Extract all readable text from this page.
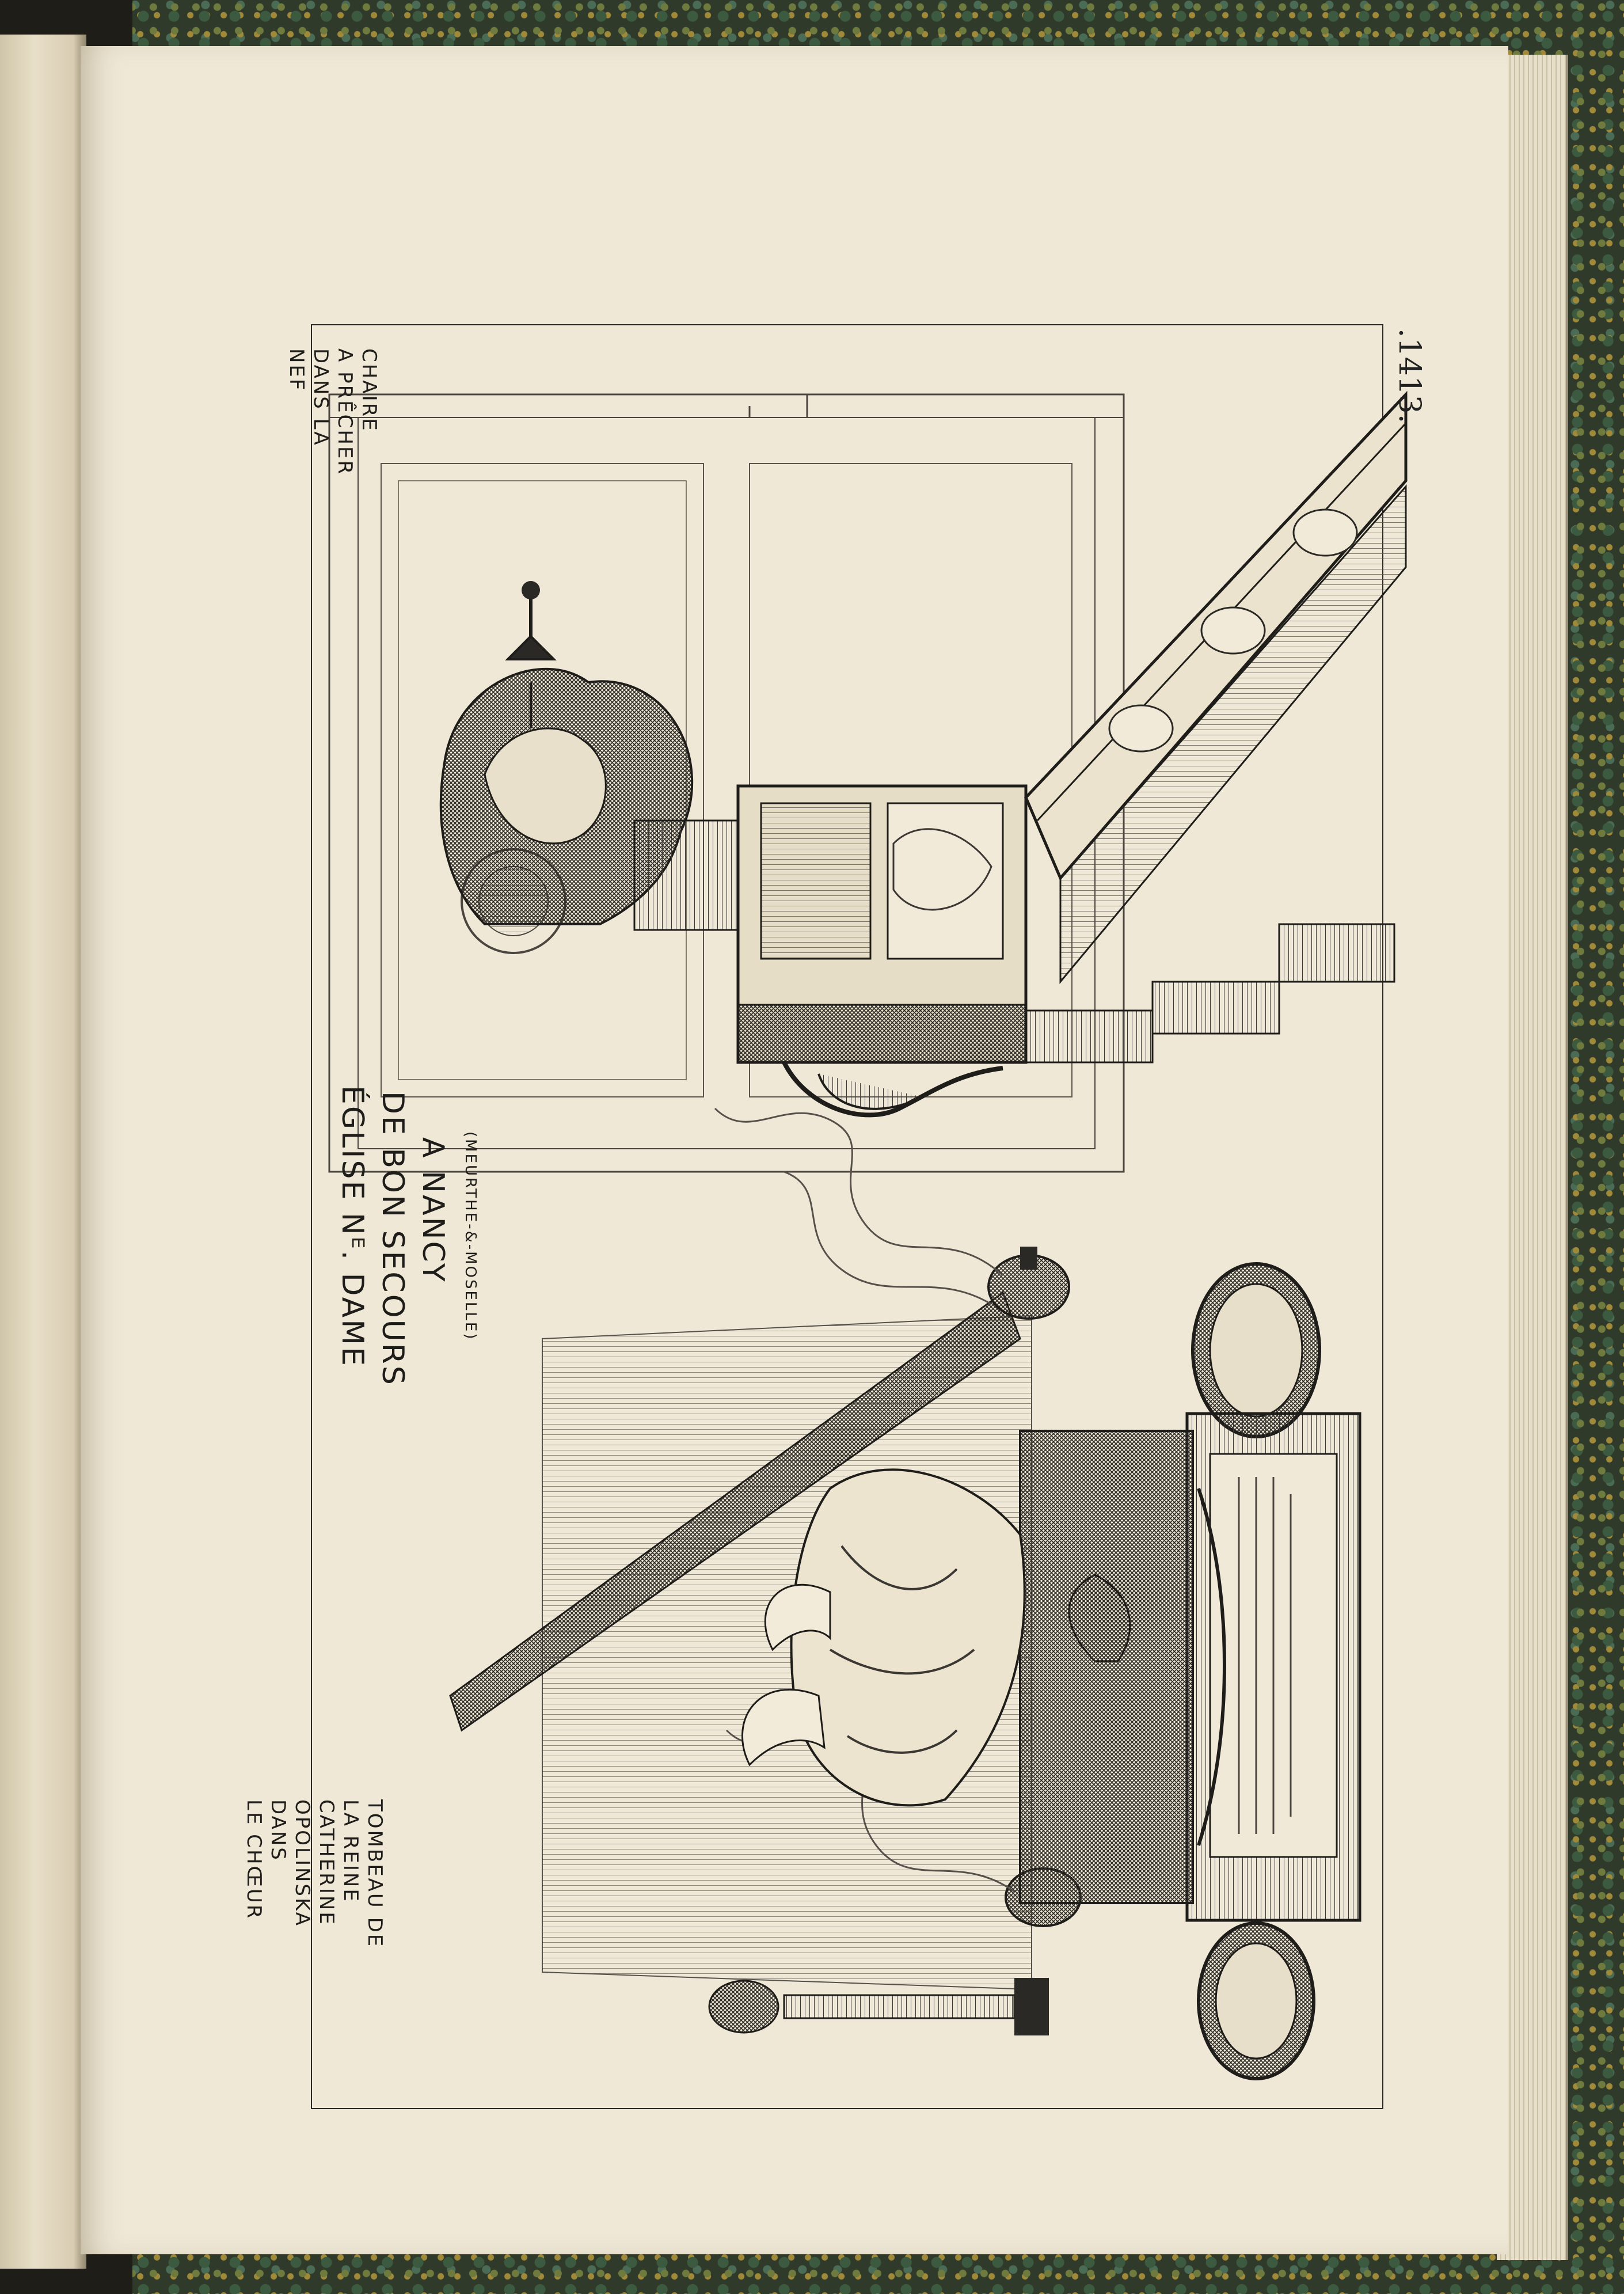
CHAIRE
A PRÊCHER
DANS LA
NEF
TOMBEAU DE
LA REINE
CATHERINE
OPOLINSKA
DANS
LE CHŒUR
ÉGLISE Nᴱ. DAME DE BON SECOURS A NANCY (MEURTHE-&-MOSELLE)
.1413.
